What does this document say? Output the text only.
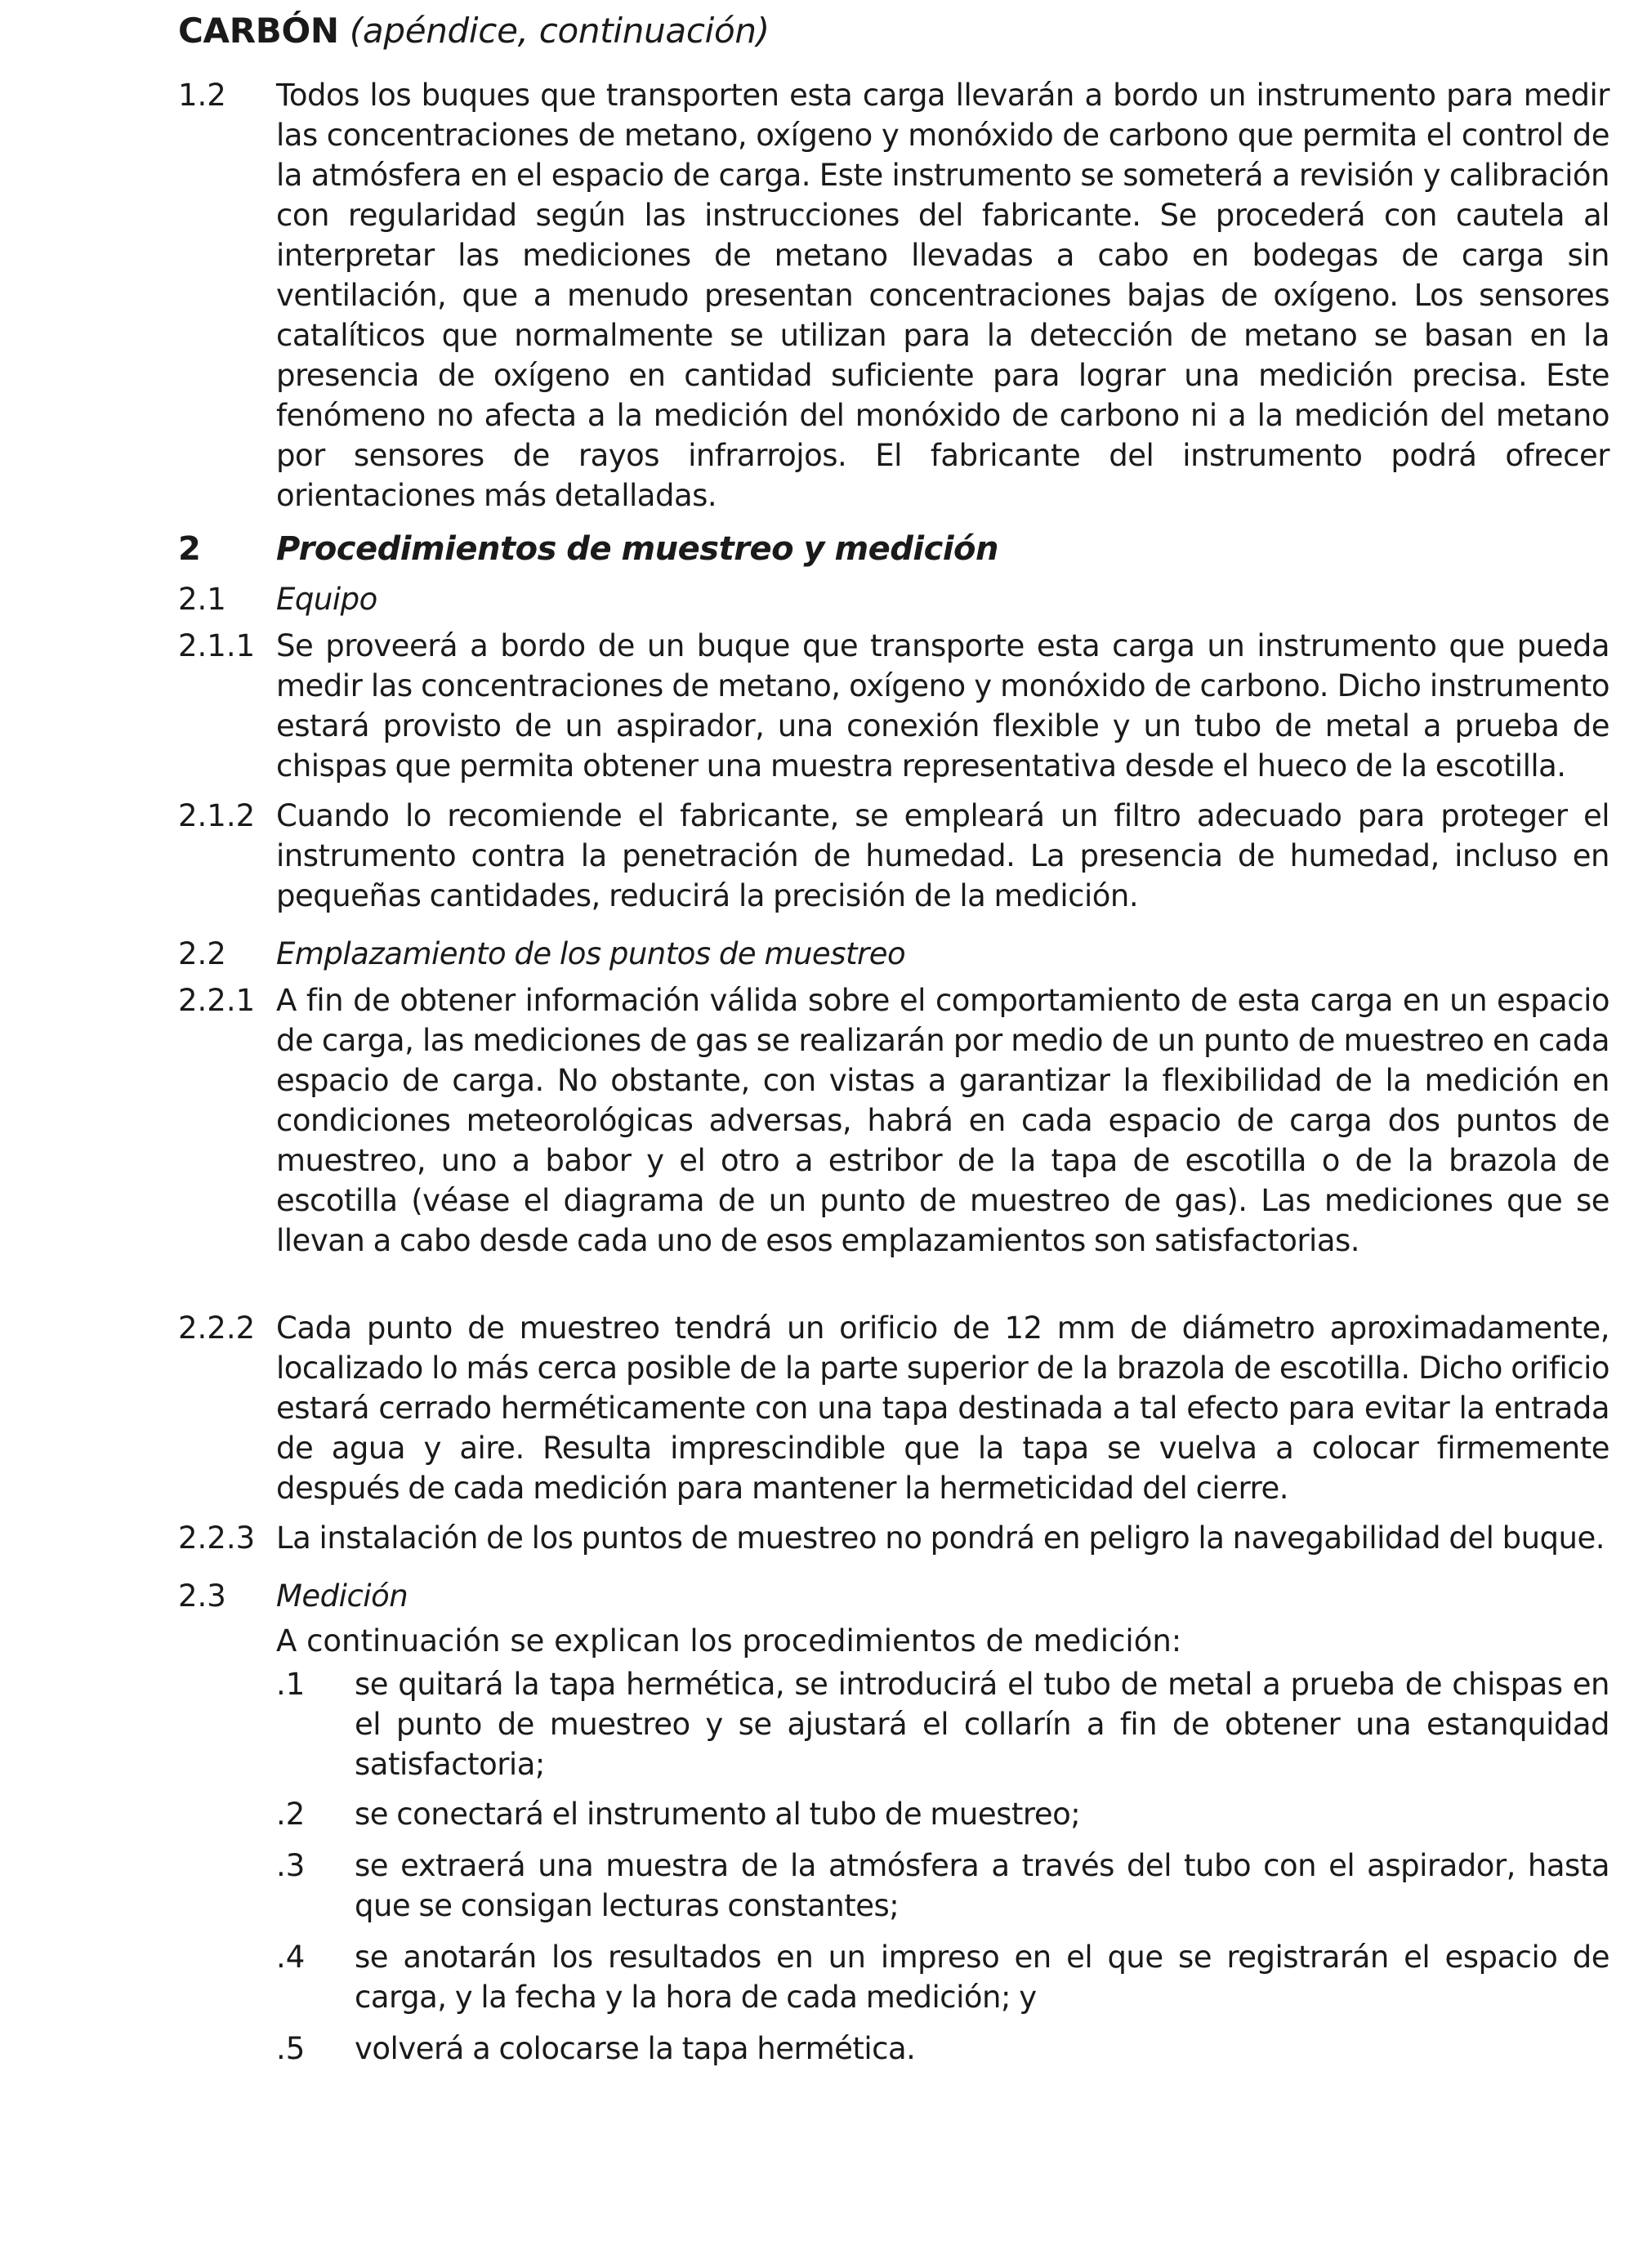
CARBÓN (apéndice, continuación)
1.2	Todos los buques que transporten esta carga llevarán a bordo un instrumento para medir las concentraciones de metano, oxígeno y monóxido de carbono que permita el control de la atmósfera en el espacio de carga. Este instrumento se someterá a revisión y calibración con regularidad según las instrucciones del fabricante. Se procederá con cautela al interpretar las mediciones de metano llevadas a cabo en bodegas de carga sin ventilación, que a menudo presentan concentraciones bajas de oxígeno. Los sensores catalíticos que normalmente se utilizan para la detección de metano se basan en la presencia de oxígeno en cantidad suficiente para lograr una medición precisa. Este fenómeno no afecta a la medición del monóxido de carbono ni a la medición del metano por sensores de rayos infrarrojos. El fabricante del instrumento podrá ofrecer orientaciones más detalladas.
2	Procedimientos de muestreo y medición
2.1	Equipo
2.1.1 Se proveerá a bordo de un buque que transporte esta carga un instrumento que pueda medir las concentraciones de metano, oxígeno y monóxido de carbono. Dicho instrumento estará provisto de un aspirador, una conexión flexible y un tubo de metal a prueba de chispas que permita obtener una muestra representativa desde el hueco de la escotilla.
2.1.2 Cuando lo recomiende el fabricante, se empleará un filtro adecuado para proteger el instrumento contra la penetración de humedad. La presencia de humedad, incluso en pequeñas cantidades, reducirá la precisión de la medición.
2.2	Emplazamiento de los puntos de muestreo
2.2.1 A fin de obtener información válida sobre el comportamiento de esta carga en un espacio de carga, las mediciones de gas se realizarán por medio de un punto de muestreo en cada espacio de carga. No obstante, con vistas a garantizar la flexibilidad de la medición en condiciones meteorológicas adversas, habrá en cada espacio de carga dos puntos de muestreo, uno a babor y el otro a estribor de la tapa de escotilla o de la brazola de escotilla (véase el diagrama de un punto de muestreo de gas). Las mediciones que se llevan a cabo desde cada uno de esos emplazamientos son satisfactorias.
2.2.2 Cada punto de muestreo tendrá un orificio de 12 mm de diámetro aproximadamente, localizado lo más cerca posible de la parte superior de la brazola de escotilla. Dicho orificio estará cerrado herméticamente con una tapa destinada a tal efecto para evitar la entrada de agua y aire. Resulta imprescindible que la tapa se vuelva a colocar firmemente después de cada medición para mantener la hermeticidad del cierre.
2.2.3 La instalación de los puntos de muestreo no pondrá en peligro la navegabilidad del buque.
2.3	Medición
A continuación se explican los procedimientos de medición:
.1	se quitará la tapa hermética, se introducirá el tubo de metal a prueba de chispas en el punto de muestreo y se ajustará el collarín a fin de obtener una estanquidad satisfactoria;
.2	se conectará el instrumento al tubo de muestreo;
.3	se extraerá una muestra de la atmósfera a través del tubo con el aspirador, hasta que se consigan lecturas constantes;
.4	se anotarán los resultados en un impreso en el que se registrarán el espacio de carga, y la fecha y la hora de cada medición; y
.5	volverá a colocarse la tapa hermética.
